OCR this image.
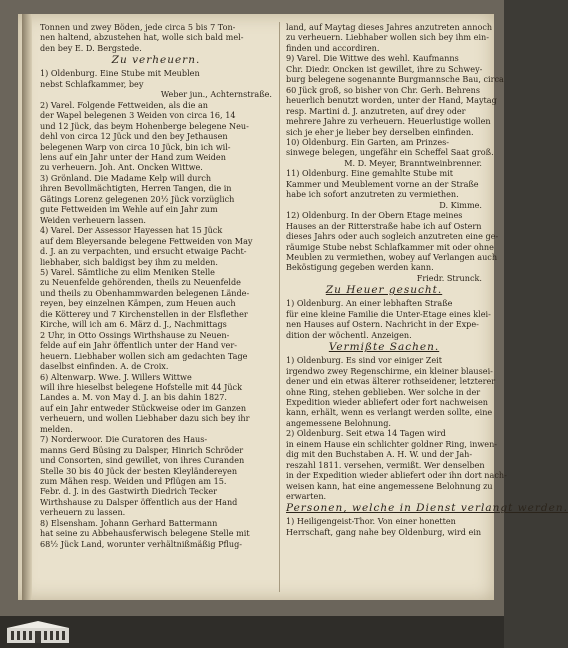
Tonnen und zwey Böden, jede circa 5 bis 7 Ton-

nen haltend, abzustehen hat, wolle sich bald mel-

den bey E. D. Bergstede.

Zu verheuern.

1) Oldenburg. Eine Stube mit Meublen

nebst Schlafkammer, bey

Weber jun., Achternstraße.

2) Varel. Folgende Fettweiden, als die an

der Wapel belegenen 3 Weiden von circa 16, 14

und 12 Jück, das beym Hohenberge belegene Neu-

dehl von circa 12 Jück und den bey Jethausen

belegenen Warp von circa 10 Jück, bin ich wil-

lens auf ein Jahr unter der Hand zum Weiden

zu verheuern. Joh. Ant. Oncken Wittwe.

3) Grönland. Die Madame Kelp will durch

ihren Bevollmächtigten, Herren Tangen, die in

Gätings Lorenz gelegenen 20½ Jück vorzüglich

gute Fettweiden im Wehle auf ein Jahr zum

Weiden verheuern lassen.

4) Varel. Der Assessor Hayessen hat 15 Jück

auf dem Bleyersande belegene Fettweiden von May

d. J. an zu verpachten, und ersucht etwaige Pacht-

liebhaber, sich baldigst bey ihm zu melden.

5) Varel. Sämtliche zu elim Meniken Stelle

zu Neuenfelde gehörenden, theils zu Neuenfelde

und theils zu Obenhammwarden belegenen Lände-

reyen, bey einzelnen Kämpen, zum Heuen auch

die Kötterey und 7 Kirchenstellen in der Elsflether

Kirche, will ich am 6. März d. J., Nachmittags

2 Uhr, in Otto Ossings Wirthshause zu Neuen-

felde auf ein Jahr öffentlich unter der Hand ver-

heuern. Liebhaber wollen sich am gedachten Tage

daselbst einfinden. A. de Croix.

6) Altenwarp. Wwe. J. Willers Wittwe

will ihre hieselbst belegene Hofstelle mit 44 Jück

Landes a. M. von May d. J. an bis dahin 1827.

auf ein Jahr entweder Stückweise oder im Ganzen

verheuern, und wollen Liebhaber dazu sich bey ihr

melden.

7) Norderwoor. Die Curatoren des Haus-

manns Gerd Büsing zu Dalsper, Hinrich Schröder

und Consorten, sind gewillet, von ihres Curanden

Stelle 30 bis 40 Jück der besten Kleyländereyen

zum Mähen resp. Weiden und Pflügen am 15.

Febr. d. J. in des Gastwirth Diedrich Tecker

Wirthshause zu Dalsper öffentlich aus der Hand

verheuern zu lassen.

8) Elsensham. Johann Gerhard Battermann

hat seine zu Abbehausferwisch belegene Stelle mit

68½ Jück Land, worunter verhältnißmäßig Pflug-

land, auf Maytag dieses Jahres anzutreten annoch

zu verheuern. Liebhaber wollen sich bey ihm ein-

finden und accordiren.

9) Varel. Die Wittwe des wehl. Kaufmanns

Chr. Diedr. Oncken ist gewillet, ihre zu Schwey-

burg belegene sogenannte Burgmannsche Bau, circa

60 Jück groß, so bisher von Chr. Gerh. Behrens

heuerlich benutzt worden, unter der Hand, Maytag

resp. Martini d. J. anzutreten, auf drey oder

mehrere Jahre zu verheuern. Heuerlustige wollen

sich je eher je lieber bey derselben einfinden.

10) Oldenburg. Ein Garten, am Prinzes-

sinwege belegen, ungefähr ein Scheffel Saat groß.

M. D. Meyer, Branntweinbrenner.

11) Oldenburg. Eine gemahlte Stube mit

Kammer und Meublement vorne an der Straße

habe ich sofort anzutreten zu vermiethen.

D. Kimme.

12) Oldenburg. In der Obern Etage meines

Hauses an der Ritterstraße habe ich auf Ostern

dieses Jahrs oder auch sogleich anzutreten eine ge-

räumige Stube nebst Schlafkammer mit oder ohne

Meublen zu vermiethen, wobey auf Verlangen auch

Beköstigung gegeben werden kann.

Friedr. Strunck.

Zu Heuer gesucht.

1) Oldenburg. An einer lebhaften Straße

für eine kleine Familie die Unter-Etage eines klei-

nen Hauses auf Ostern. Nachricht in der Expe-

dition der wöchentl. Anzeigen.

Vermißte Sachen.

1) Oldenburg. Es sind vor einiger Zeit

irgendwo zwey Regenschirme, ein kleiner blausei-

dener und ein etwas älterer rothseidener, letzterer

ohne Ring, stehen geblieben. Wer solche in der

Expedition wieder abliefert oder fort nachweisen

kann, erhält, wenn es verlangt werden sollte, eine

angemessene Belohnung.

2) Oldenburg. Seit etwa 14 Tagen wird

in einem Hause ein schlichter goldner Ring, inwen-

dig mit den Buchstaben A. H. W. und der Jah-

reszahl 1811. versehen, vermißt. Wer denselben

in der Expedition wieder abliefert oder ihn dort nach-

weisen kann, hat eine angemessene Belohnung zu

erwarten.

Personen, welche in Dienst verlangt werden.

1) Heiligengeist-Thor. Von einer honetten

Herrschaft, gang nahe bey Oldenburg, wird ein
